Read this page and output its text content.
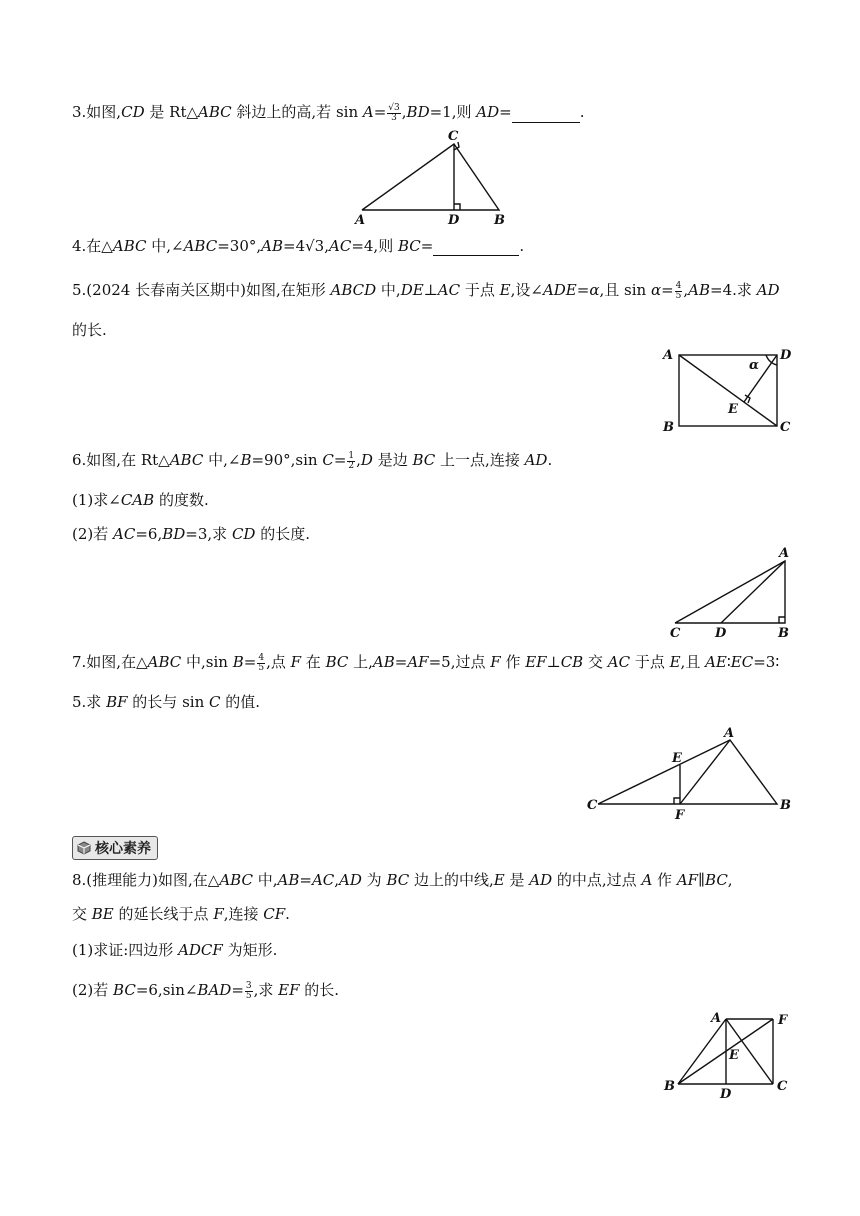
3.如图,CD 是 Rt△ABC 斜边上的高,若 $\sin A= \frac{√3}{3} ,BD=1$,则 AD=	.
C
A	D	B
4.在△ABC 中,∠ABC=30°,AB=4√3,AC=4,则 BC=	.
5.(2024 长春南关区期中)如图,在矩形 ABCD 中,DE⊥AC 于点 E,设∠ADE=α,且 $\sin \alpha= \frac{4}{5} ,AB=4$.求 AD
的长.
A	D
α
E
B	C
6.如图,在 Rt△ABC 中,∠B=90°,sin $C= \frac{1}{2} ,D$ 是边 BC 上一点,连接 AD.
(1)求∠CAB 的度数.
(2)若 AC=6,BD=3,求 CD 的长度.
A
C	D	B
7.如图,在△ABC 中,sin $B= \frac{4}{5}$ ,点 F 在 BC 上,AB=AF=5,过点 F 作 EF⊥CB 交 AC 于点 E,且 AE∶EC=3∶
5.求 BF 的长与 sin C 的值.
A
E
C
F
B
核心素养
8.(推理能力)如图,在△ABC 中,AB=AC,AD 为 BC 边上的中线,E 是 AD 的中点,过点 A 作 AF∥BC,
交 BE 的延长线于点 F,连接 CF.
(1)求证:四边形 ADCF 为矩形.
(2)若 BC=6,sin∠BAD= $\frac{3}{5}$ ,求 EF 的长.
A	F
E
B
D
C
